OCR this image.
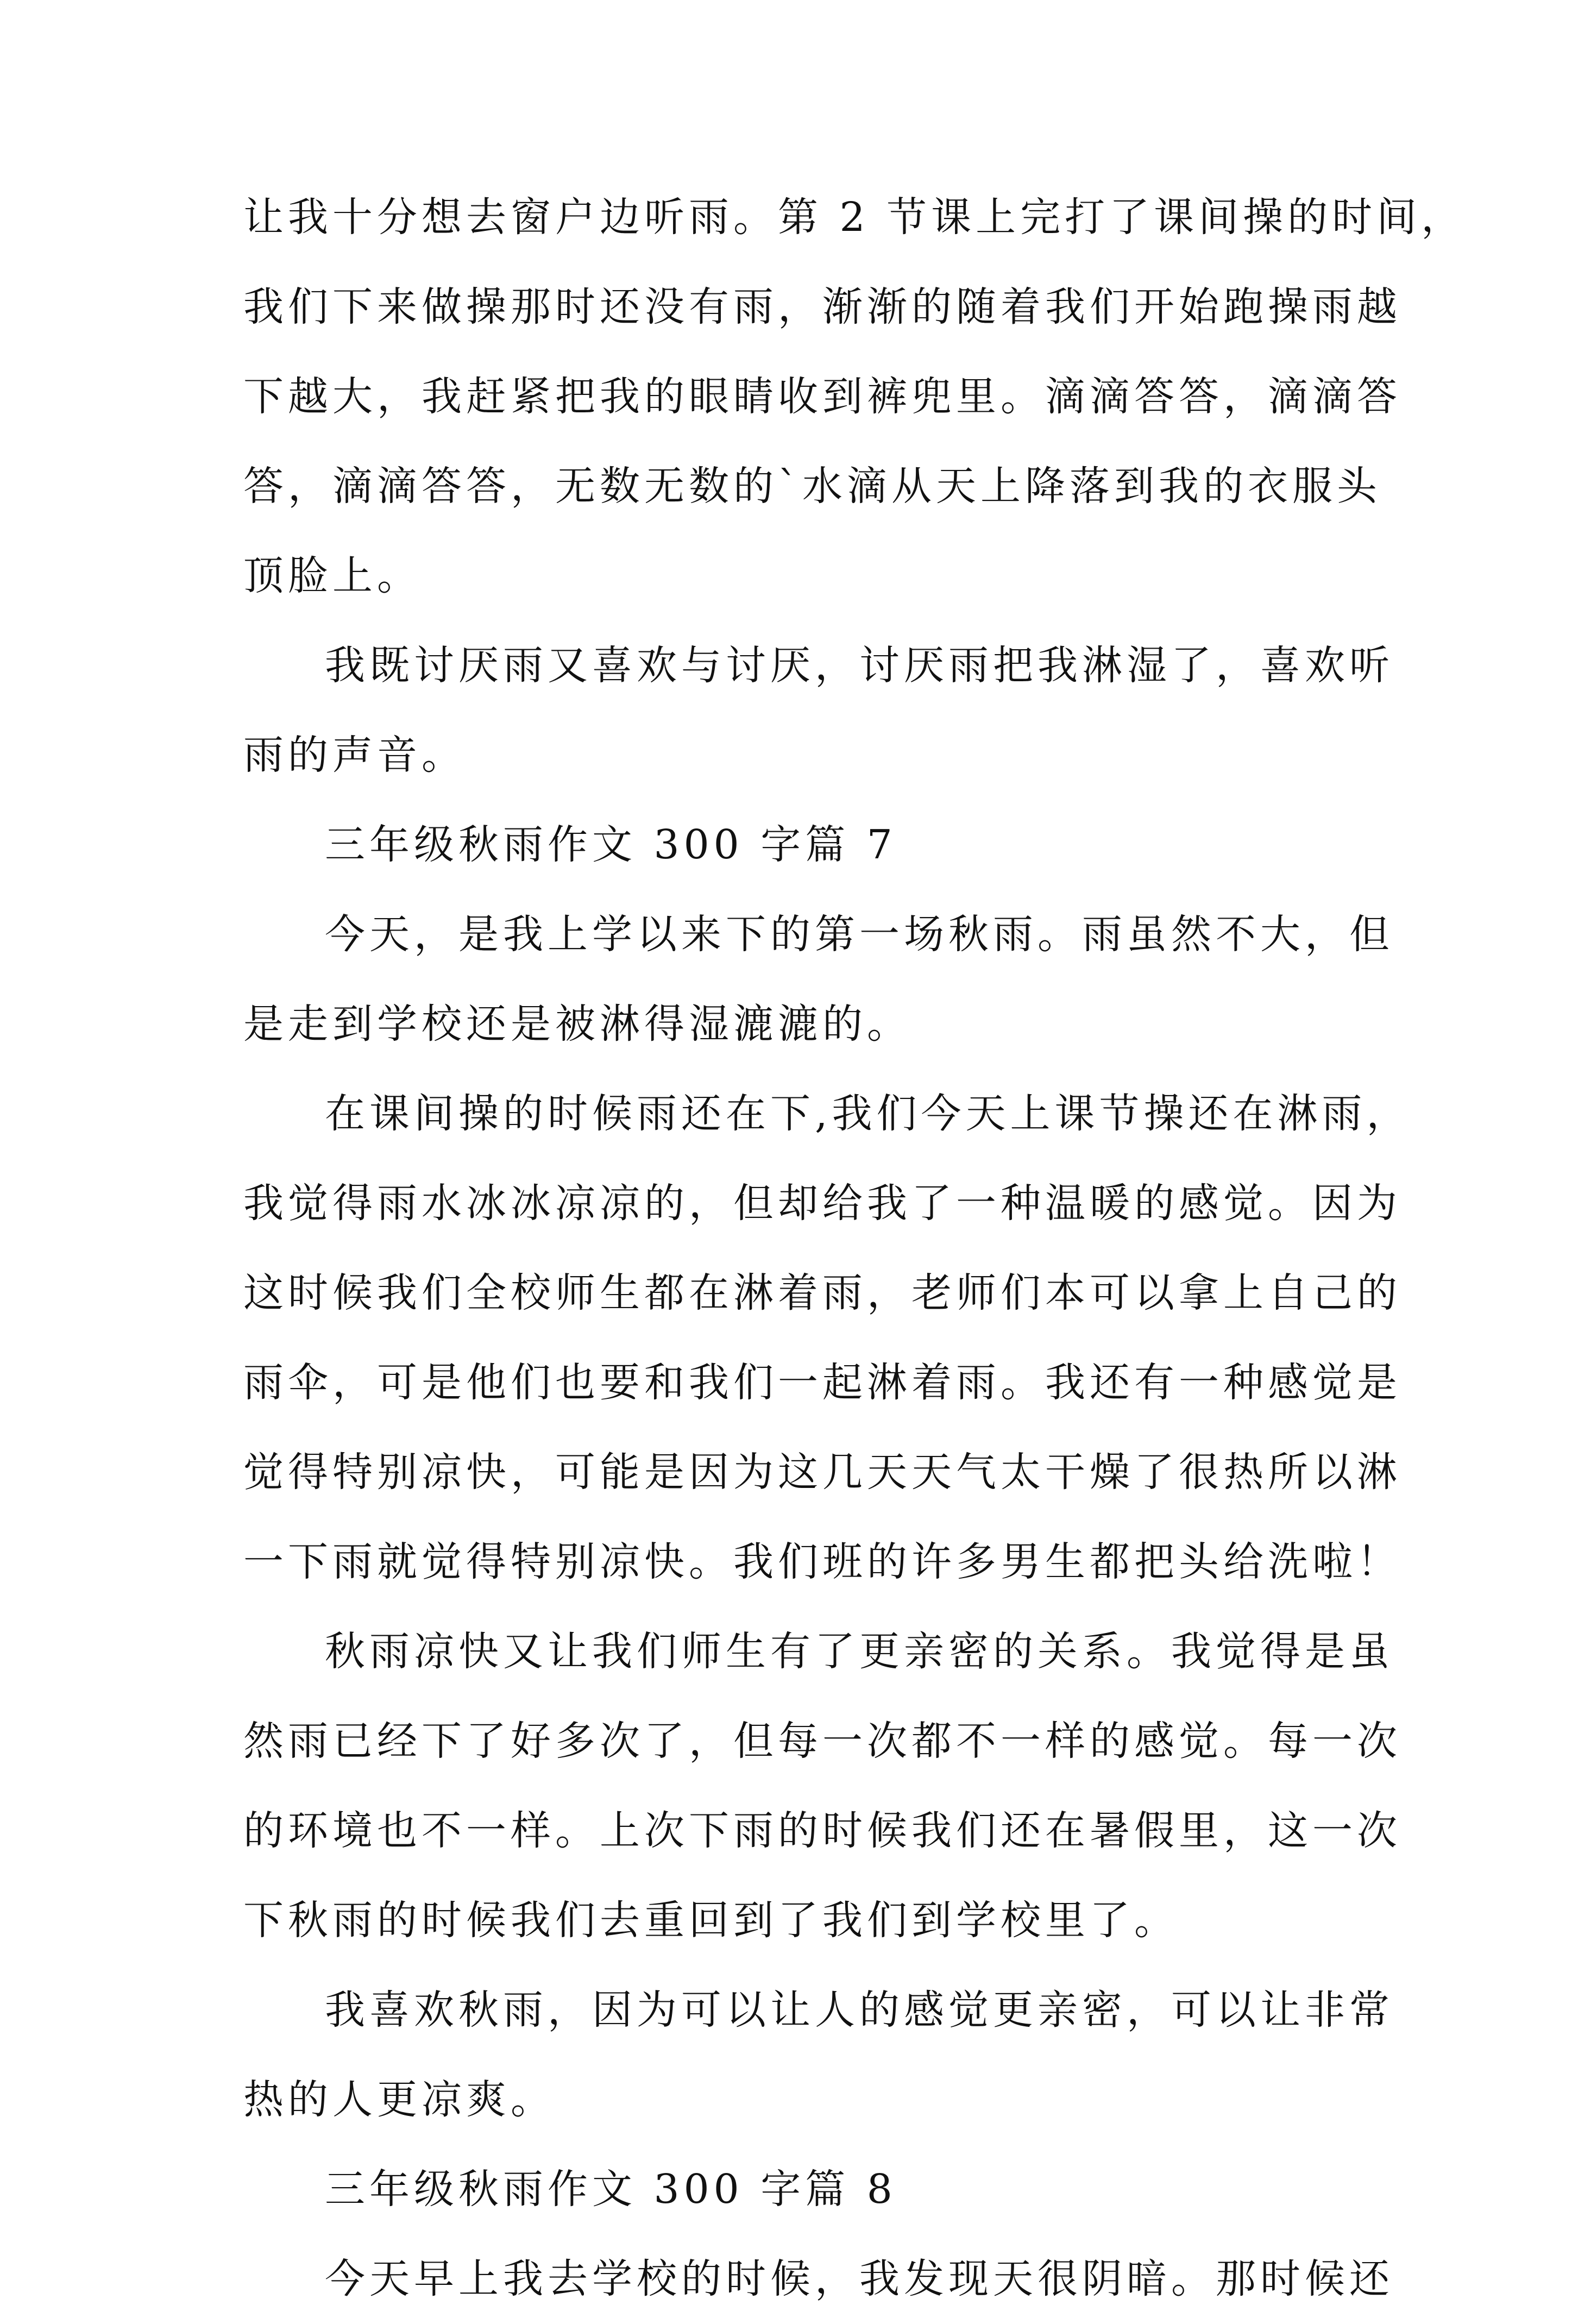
让我十分想去窗户边听雨。第 2 节课上完打了课间操的时间，
我们下来做操那时还没有雨，渐渐的随着我们开始跑操雨越
下越大，我赶紧把我的眼睛收到裤兜里。滴滴答答，滴滴答
答，滴滴答答，无数无数的`水滴从天上降落到我的衣服头
顶脸上。
我既讨厌雨又喜欢与讨厌，讨厌雨把我淋湿了，喜欢听
雨的声音。
三年级秋雨作文 300 字篇 7
今天，是我上学以来下的第一场秋雨。雨虽然不大，但
是走到学校还是被淋得湿漉漉的。
在课间操的时候雨还在下,我们今天上课节操还在淋雨，
我觉得雨水冰冰凉凉的，但却给我了一种温暖的感觉。因为
这时候我们全校师生都在淋着雨，老师们本可以拿上自己的
雨伞，可是他们也要和我们一起淋着雨。我还有一种感觉是
觉得特别凉快，可能是因为这几天天气太干燥了很热所以淋
一下雨就觉得特别凉快。我们班的许多男生都把头给洗啦！
秋雨凉快又让我们师生有了更亲密的关系。我觉得是虽
然雨已经下了好多次了，但每一次都不一样的感觉。每一次
的环境也不一样。上次下雨的时候我们还在暑假里，这一次
下秋雨的时候我们去重回到了我们到学校里了。
我喜欢秋雨，因为可以让人的感觉更亲密，可以让非常
热的人更凉爽。
三年级秋雨作文 300 字篇 8
今天早上我去学校的时候，我发现天很阴暗。那时候还
